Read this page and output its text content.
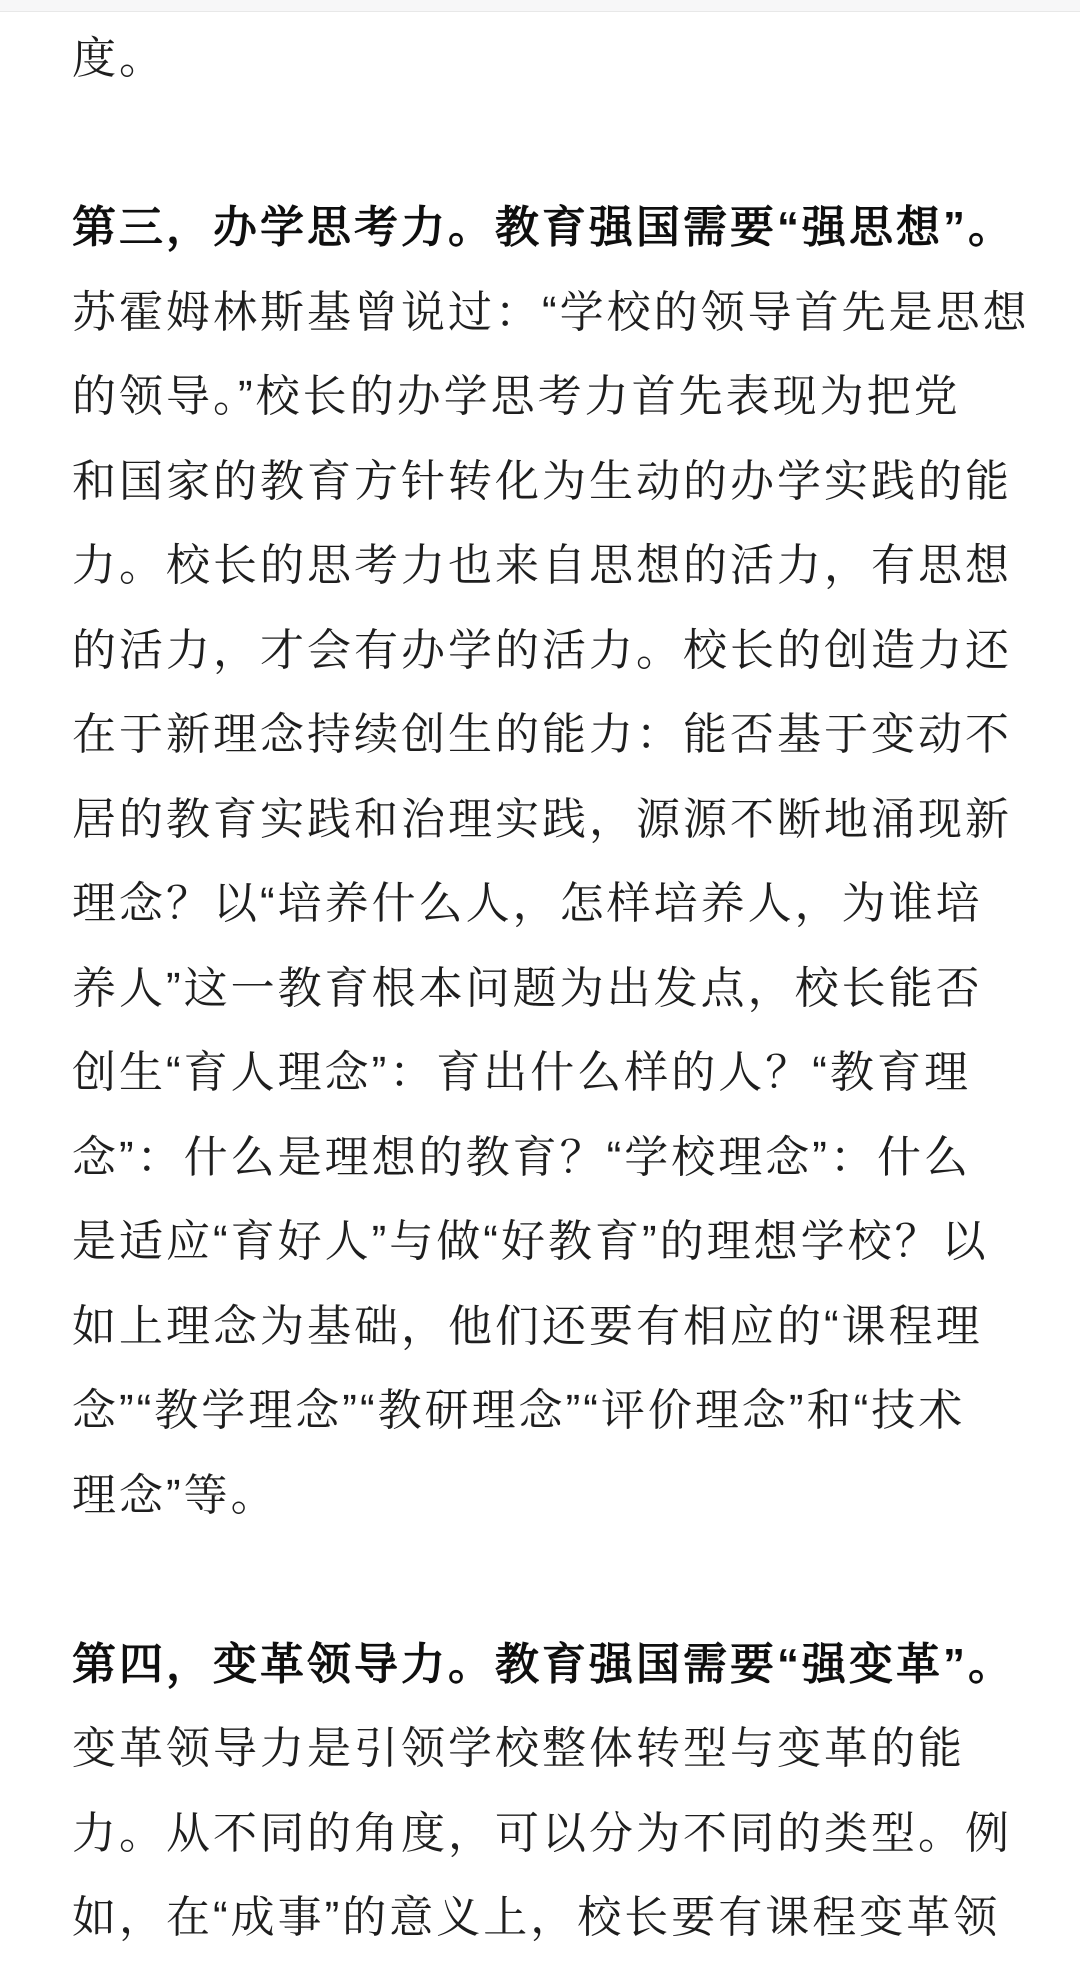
度。

第三，办学思考力。教育强国需要“强思想”。

苏霍姆林斯基曾说过：“学校的领导首先是思想
的领导。”校长的办学思考力首先表现为把党
和国家的教育方针转化为生动的办学实践的能
力。校长的思考力也来自思想的活力，有思想
的活力，才会有办学的活力。校长的创造力还
在于新理念持续创生的能力：能否基于变动不
居的教育实践和治理实践，源源不断地涌现新
理念？以“培养什么人，怎样培养人，为谁培
养人”这一教育根本问题为出发点，校长能否
创生“育人理念”：育出什么样的人？“教育理
念”：什么是理想的教育？“学校理念”：什么
是适应“育好人”与做“好教育”的理想学校？以
如上理念为基础，他们还要有相应的“课程理
念”“教学理念”“教研理念”“评价理念”和“技术
理念”等。

第四，变革领导力。教育强国需要“强变革”。

变革领导力是引领学校整体转型与变革的能
力。从不同的角度，可以分为不同的类型。例
如，在“成事”的意义上，校长要有课程变革领
